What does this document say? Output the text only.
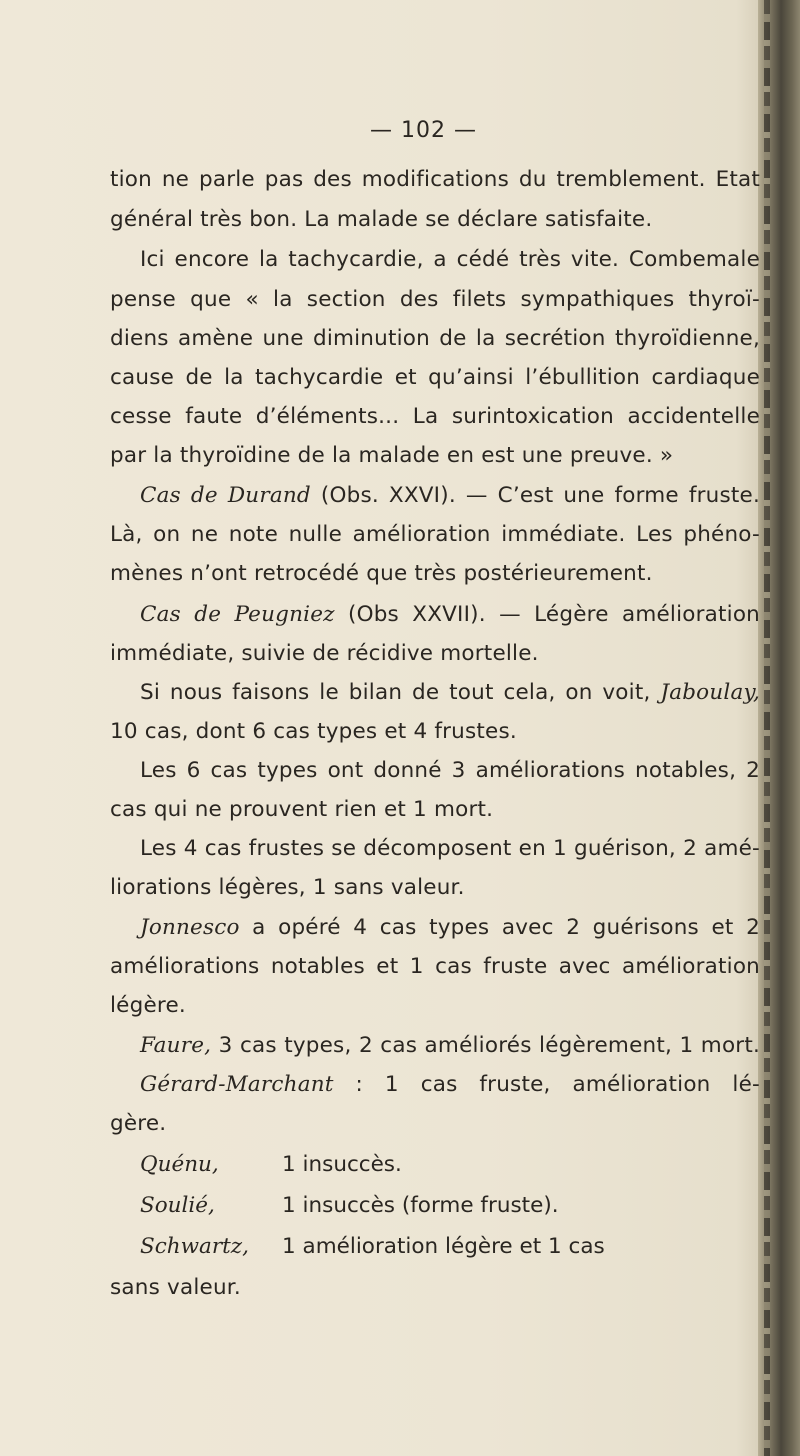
— 102 —
tion ne parle pas des modifications du tremblement. Etat
général très bon. La malade se déclare satisfaite.
Ici encore la tachycardie, a cédé très vite. Combemale
pense que « la section des filets sympathiques thyroï-
diens amène une diminution de la secrétion thyroïdienne,
cause de la tachycardie et qu’ainsi l’ébullition cardiaque
cesse faute d’éléments... La surintoxication accidentelle
par la thyroïdine de la malade en est une preuve. »
Cas de Durand (Obs. XXVI). — C’est une forme fruste.
Là, on ne note nulle amélioration immédiate. Les phéno-
mènes n’ont retrocédé que très postérieurement.
Cas de Peugniez (Obs XXVII). — Légère amélioration
immédiate, suivie de récidive mortelle.
Si nous faisons le bilan de tout cela, on voit, Jaboulay,
10 cas, dont 6 cas types et 4 frustes.
Les 6 cas types ont donné 3 améliorations notables, 2
cas qui ne prouvent rien et 1 mort.
Les 4 cas frustes se décomposent en 1 guérison, 2 amé-
liorations légères, 1 sans valeur.
Jonnesco a opéré 4 cas types avec 2 guérisons et 2
améliorations notables et 1 cas fruste avec amélioration
légère.
Faure, 3 cas types, 2 cas améliorés légèrement, 1 mort.
Gérard-Marchant : 1 cas fruste, amélioration lé-
gère.
Quénu,	1 insuccès.
Soulié,	1 insuccès (forme fruste).
Schwartz, 1 amélioration légère et 1 cas
sans valeur.
